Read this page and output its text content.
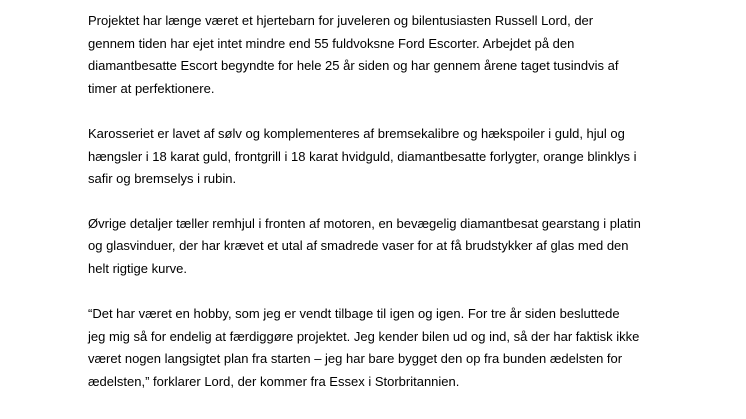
Projektet har længe været et hjertebarn for juveleren og bilentusiasten Russell Lord, der
gennem tiden har ejet intet mindre end 55 fuldvoksne Ford Escorter. Arbejdet på den
diamantbesatte Escort begyndte for hele 25 år siden og har gennem årene taget tusindvis af
timer at perfektionere.

Karosseriet er lavet af sølv og komplementeres af bremsekalibre og hækspoiler i guld, hjul og
hængsler i 18 karat guld, frontgrill i 18 karat hvidguld, diamantbesatte forlygter, orange blinklys i
safir og bremselys i rubin.

Øvrige detaljer tæller remhjul i fronten af motoren, en bevægelig diamantbesat gearstang i platin
og glasvinduer, der har krævet et utal af smadrede vaser for at få brudstykker af glas med den
helt rigtige kurve.

“Det har været en hobby, som jeg er vendt tilbage til igen og igen. For tre år siden besluttede
jeg mig så for endelig at færdiggøre projektet. Jeg kender bilen ud og ind, så der har faktisk ikke
været nogen langsigtet plan fra starten – jeg har bare bygget den op fra bunden ædelsten for
ædelsten,” forklarer Lord, der kommer fra Essex i Storbritannien.
